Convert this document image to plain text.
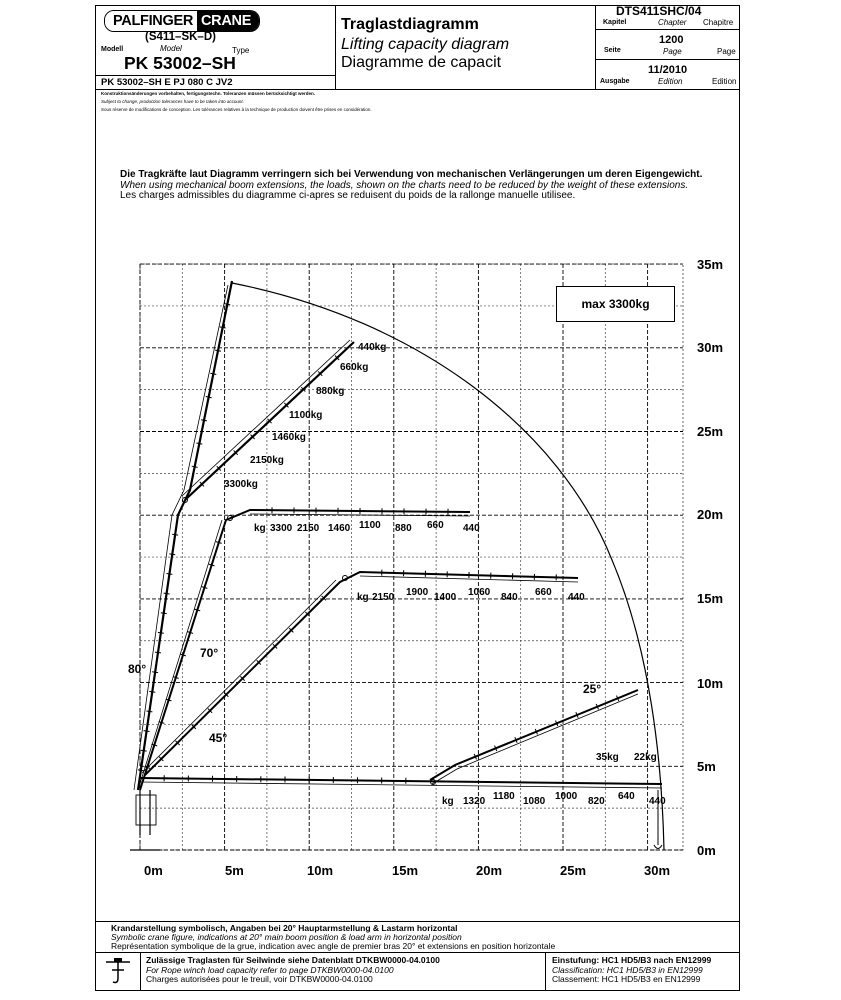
PALFINGER CRANE
(S411–SK–D)
Modell	Model	Type
PK 53002–SH
PK 53002–SH E PJ 080 C JV2
Traglastdiagramm
Lifting capacity diagram
Diagramme de capacit
DTS411SHC/04
Kapitel	Chapter Chapitre
1200
Seite	Page	Page
11/2010
Ausgabe	Edition	Edition
Konstruktionsänderungen vorbehalten, fertigungstechn. Toleranzen müssen berücksichtigt werden.
Subject to change, production tolerances have to be taken into account.
Sous réserve de modifications de conception. Les tolérances relatives à la technique de production doivent être prises en considération.
Die Tragkräfte laut Diagramm verringern sich bei Verwendung von mechanischen Verlängerungen um deren Eigengewicht.
When using mechanical boom extensions, the loads, shown on the charts need to be reduced by the weight of these extensions.
Les charges admissibles du diagramme ci-apres se reduisent du poids de la rallonge manuelle utilisee.
35m
30m
25m
20m
15m
10m
5m
0m
0m	5m	10m	15m	20m	25m	30m
max 3300kg
80°
70°
45°
25°
440kg
660kg
880kg
1100kg
1460kg
2150kg
3300kg
kg 3300 2150 1460 1100 880 660 440
kg 2150 1900 1400 1060 840 660 440
kg 1320 1180 1080 1000 820 640 440
35kg 22kg
Krandarstellung symbolisch, Angaben bei 20° Hauptarmstellung & Lastarm horizontal
Symbolic crane figure, indications at 20° main boom position & load arm in horizontal position
Représentation symbolique de la grue, indication avec angle de premier bras 20° et extensions en position horizontale
Zulässige Traglasten für Seilwinde siehe Datenblatt DTKBW0000-04.0100
For Rope winch load capacity refer to page DTKBW0000-04.0100
Charges autorisées pour le treuil, voir DTKBW0000-04.0100
Einstufung: HC1 HD5/B3 nach EN12999
Classification: HC1 HD5/B3 in EN12999
Classement: HC1 HD5/B3 en EN12999
